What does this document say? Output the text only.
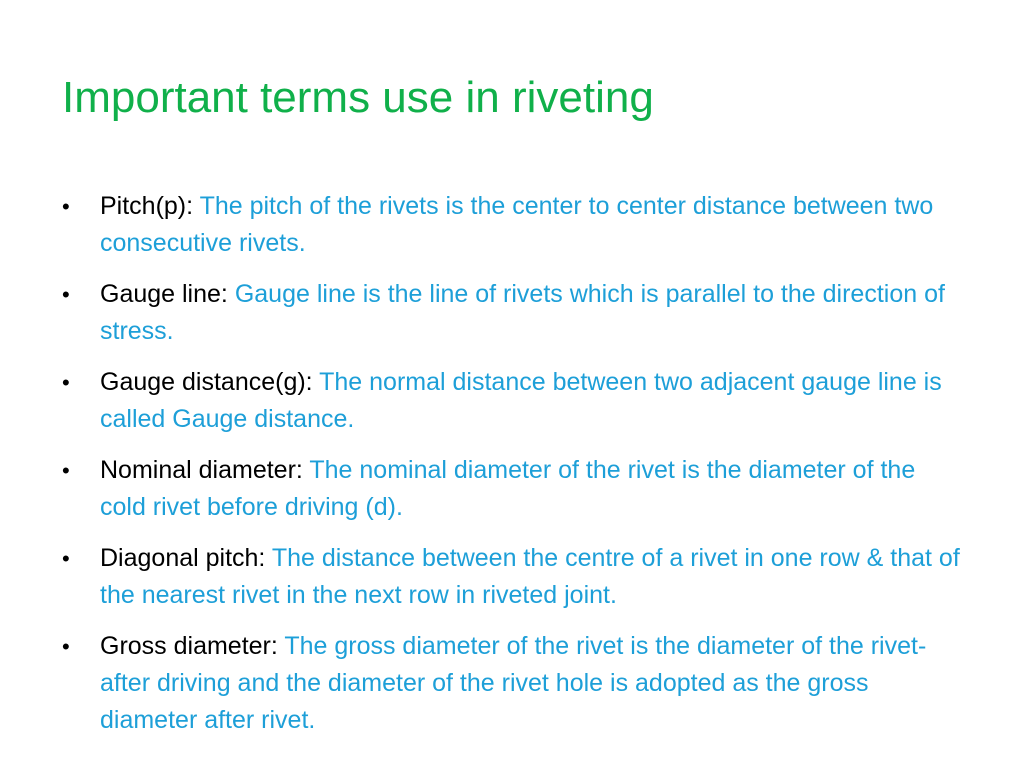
Important terms use in riveting
•	Pitch(p): The pitch of the rivets is the center to center distance between two consecutive rivets.
•	Gauge line: Gauge line is the line of rivets which is parallel to the direction of stress.
•	Gauge distance(g): The normal distance between two adjacent gauge line is called Gauge distance.
•	Nominal diameter: The nominal diameter of the rivet is the diameter of the cold rivet before driving (d).
•	Diagonal pitch: The distance between the centre of a rivet in one row & that of the nearest rivet in the next row in riveted joint.
•	Gross diameter: The gross diameter of the rivet is the diameter of the rivet-after driving and the diameter of the rivet hole is adopted as the gross diameter after rivet.
